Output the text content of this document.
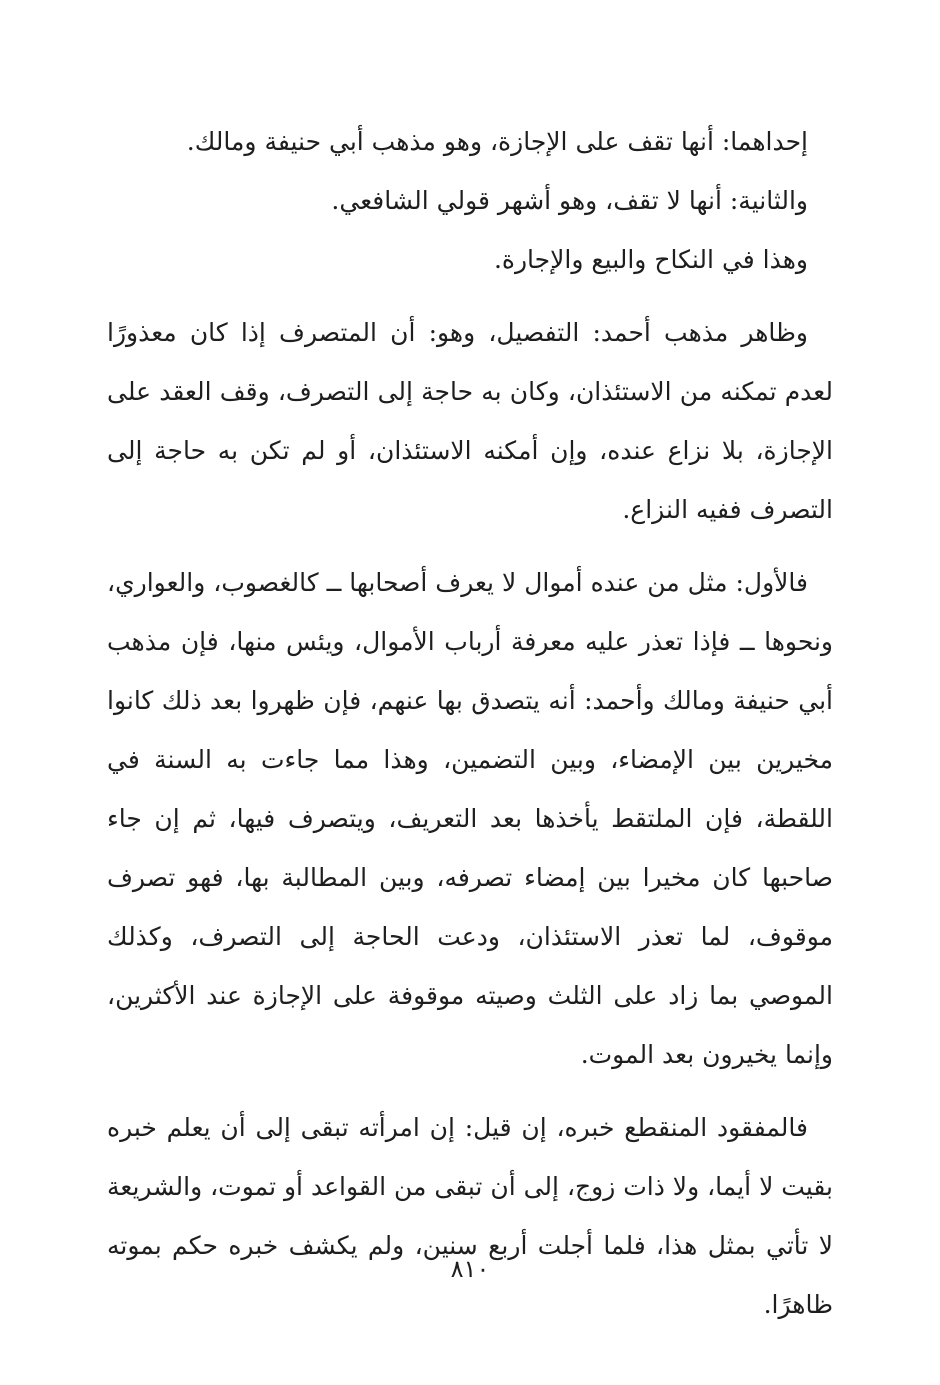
إحداهما: أنها تقف على الإجازة، وهو مذهب أبي حنيفة ومالك.

والثانية: أنها لا تقف، وهو أشهر قولي الشافعي.

وهذا في النكاح والبيع والإجارة.

وظاهر مذهب أحمد: التفصيل، وهو: أن المتصرف إذا كان معذورًا لعدم تمكنه من الاستئذان، وكان به حاجة إلى التصرف، وقف العقد على الإجازة، بلا نزاع عنده، وإن أمكنه الاستئذان، أو لم تكن به حاجة إلى التصرف ففيه النزاع.

فالأول: مثل من عنده أموال لا يعرف أصحابها ــ كالغصوب، والعواري، ونحوها ــ فإذا تعذر عليه معرفة أرباب الأموال، ويئس منها، فإن مذهب أبي حنيفة ومالك وأحمد: أنه يتصدق بها عنهم، فإن ظهروا بعد ذلك كانوا مخيرين بين الإمضاء، وبين التضمين، وهذا مما جاءت به السنة في اللقطة، فإن الملتقط يأخذها بعد التعريف، ويتصرف فيها، ثم إن جاء صاحبها كان مخيرا بين إمضاء تصرفه، وبين المطالبة بها، فهو تصرف موقوف، لما تعذر الاستئذان، ودعت الحاجة إلى التصرف، وكذلك الموصي بما زاد على الثلث وصيته موقوفة على الإجازة عند الأكثرين، وإنما يخيرون بعد الموت.

فالمفقود المنقطع خبره، إن قيل: إن امرأته تبقى إلى أن يعلم خبره بقيت لا أيما، ولا ذات زوج، إلى أن تبقى من القواعد أو تموت، والشريعة لا تأتي بمثل هذا، فلما أجلت أربع سنين، ولم يكشف خبره حكم بموته ظاهرًا.

٨١٠
